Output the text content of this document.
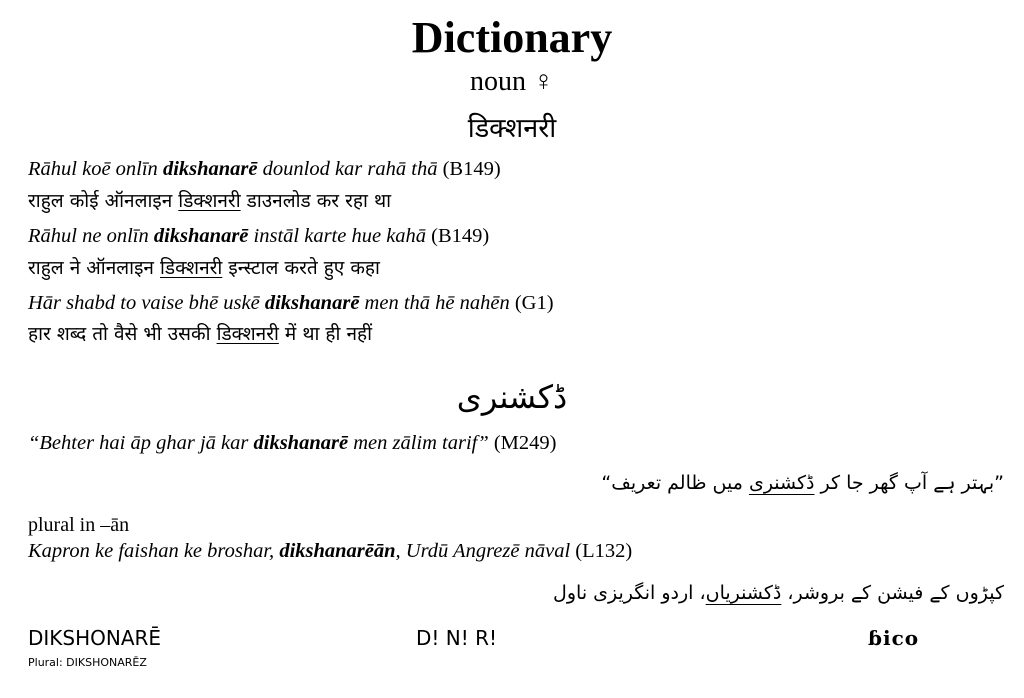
Dictionary
noun ♀
डिक्शनरी
Rāhul koē onlīn dikshanarē dounlod kar rahā thā (B149)
राहुल कोई ऑनलाइन डिक्शनरी डाउनलोड कर रहा था
Rāhul ne onlīn dikshanarē instāl karte hue kahā (B149)
राहुल ने ऑनलाइन डिक्शनरी इन्स्टाल करते हुए कहा
Hār shabd to vaise bhē uskē dikshanarē men thā hē nahēn (G1)
हार शब्द तो वैसे भी उसकी डिक्शनरी में था ही नहीं
ڈکشنری
“Behter hai āp ghar jā kar dikshanarē men zālim tarif” (M249)
”بہتر ہے آپ گھر جا کر ڈکشنری میں ظالم تعریف“
plural in –ān
Kapron ke faishan ke broshar, dikshanarēān, Urdū Angrezē nāval (L132)
کپڑوں کے فیشن کے بروشر، ڈکشنریاں، اردو انگریزی ناول
DIKSHONARĒ
Plural: DIKSHONARĒZ
D! N! R!	ɓico
